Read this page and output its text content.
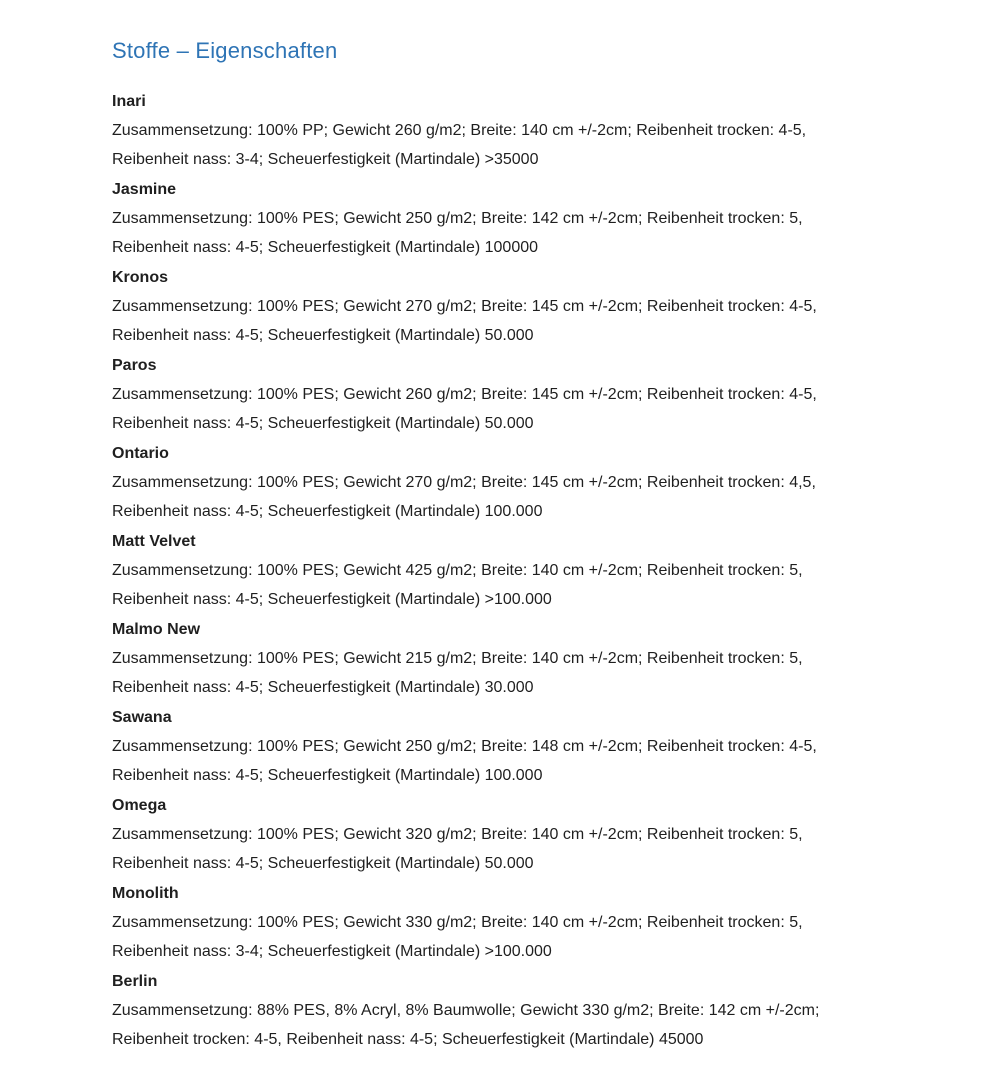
Stoffe – Eigenschaften
Inari

Zusammensetzung: 100% PP; Gewicht 260 g/m2; Breite: 140 cm +/-2cm; Reibenheit trocken: 4-5,

Reibenheit nass: 3-4; Scheuerfestigkeit (Martindale) >35000

Jasmine

Zusammensetzung: 100% PES; Gewicht 250 g/m2; Breite: 142 cm +/-2cm; Reibenheit trocken: 5,

Reibenheit nass: 4-5; Scheuerfestigkeit (Martindale) 100000

Kronos

Zusammensetzung: 100% PES; Gewicht 270 g/m2; Breite: 145 cm +/-2cm; Reibenheit trocken: 4-5,

Reibenheit nass: 4-5; Scheuerfestigkeit (Martindale) 50.000

Paros

Zusammensetzung: 100% PES; Gewicht 260 g/m2; Breite: 145 cm +/-2cm; Reibenheit trocken: 4-5,

Reibenheit nass: 4-5; Scheuerfestigkeit (Martindale) 50.000

Ontario

Zusammensetzung: 100% PES; Gewicht 270 g/m2; Breite: 145 cm +/-2cm; Reibenheit trocken: 4,5,

Reibenheit nass: 4-5; Scheuerfestigkeit (Martindale) 100.000

Matt Velvet

Zusammensetzung: 100% PES; Gewicht 425 g/m2; Breite: 140 cm +/-2cm; Reibenheit trocken: 5,

Reibenheit nass: 4-5; Scheuerfestigkeit (Martindale) >100.000

Malmo New

Zusammensetzung: 100% PES; Gewicht 215 g/m2; Breite: 140 cm +/-2cm; Reibenheit trocken: 5,

Reibenheit nass: 4-5; Scheuerfestigkeit (Martindale) 30.000

Sawana

Zusammensetzung: 100% PES; Gewicht 250 g/m2; Breite: 148 cm +/-2cm; Reibenheit trocken: 4-5,

Reibenheit nass: 4-5; Scheuerfestigkeit (Martindale) 100.000

Omega

Zusammensetzung: 100% PES; Gewicht 320 g/m2; Breite: 140 cm +/-2cm; Reibenheit trocken: 5,

Reibenheit nass: 4-5; Scheuerfestigkeit (Martindale) 50.000

Monolith

Zusammensetzung: 100% PES; Gewicht 330 g/m2; Breite: 140 cm +/-2cm; Reibenheit trocken: 5,

Reibenheit nass: 3-4; Scheuerfestigkeit (Martindale) >100.000

Berlin

Zusammensetzung: 88% PES, 8% Acryl, 8% Baumwolle; Gewicht 330 g/m2; Breite: 142 cm +/-2cm;

Reibenheit trocken: 4-5, Reibenheit nass: 4-5; Scheuerfestigkeit (Martindale) 45000
